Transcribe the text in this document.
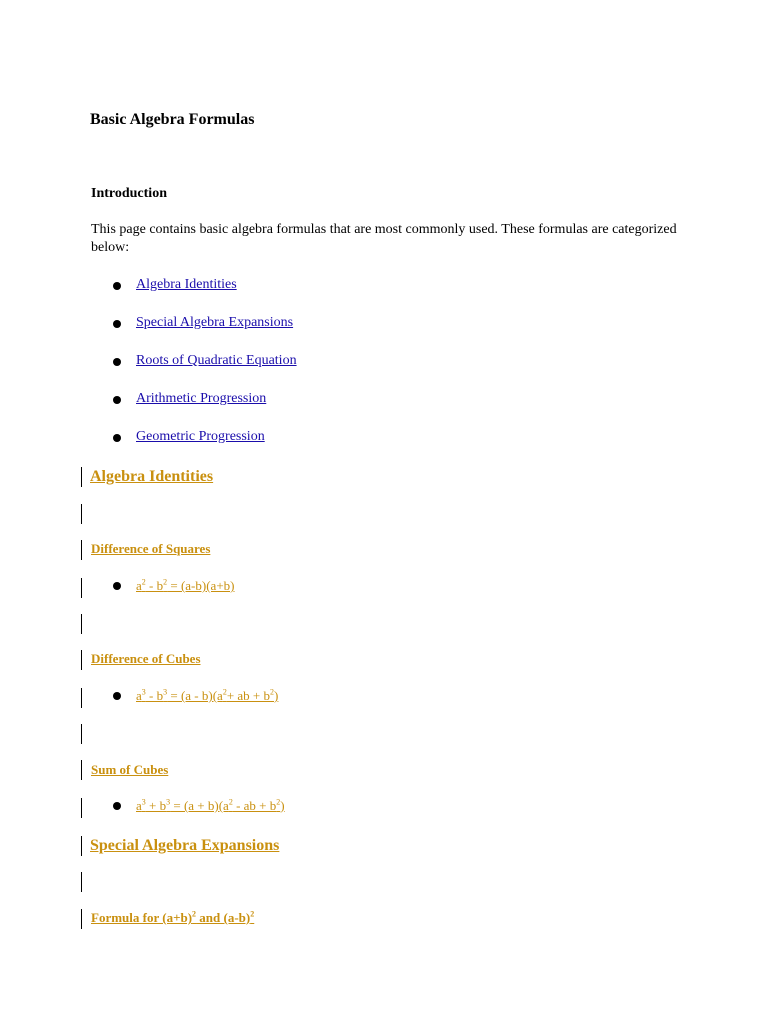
Basic Algebra Formulas
Introduction
This page contains basic algebra formulas that are most commonly used. These formulas are categorized below:
Algebra Identities
Special Algebra Expansions
Roots of Quadratic Equation
Arithmetic Progression
Geometric Progression
Algebra Identities
Difference of Squares
$a^2 - b^2 = (a-b)(a+b)$
Difference of Cubes
$a^3 - b^3 = (a - b)(a^2+$ ab + $b^2$)
Sum of Cubes
$a^3 + b^3 = (a + b)(a^2$ - ab + $b^2$)
Special Algebra Expansions
Formula for $(a+b)^2$ and $(a-b)^2$
